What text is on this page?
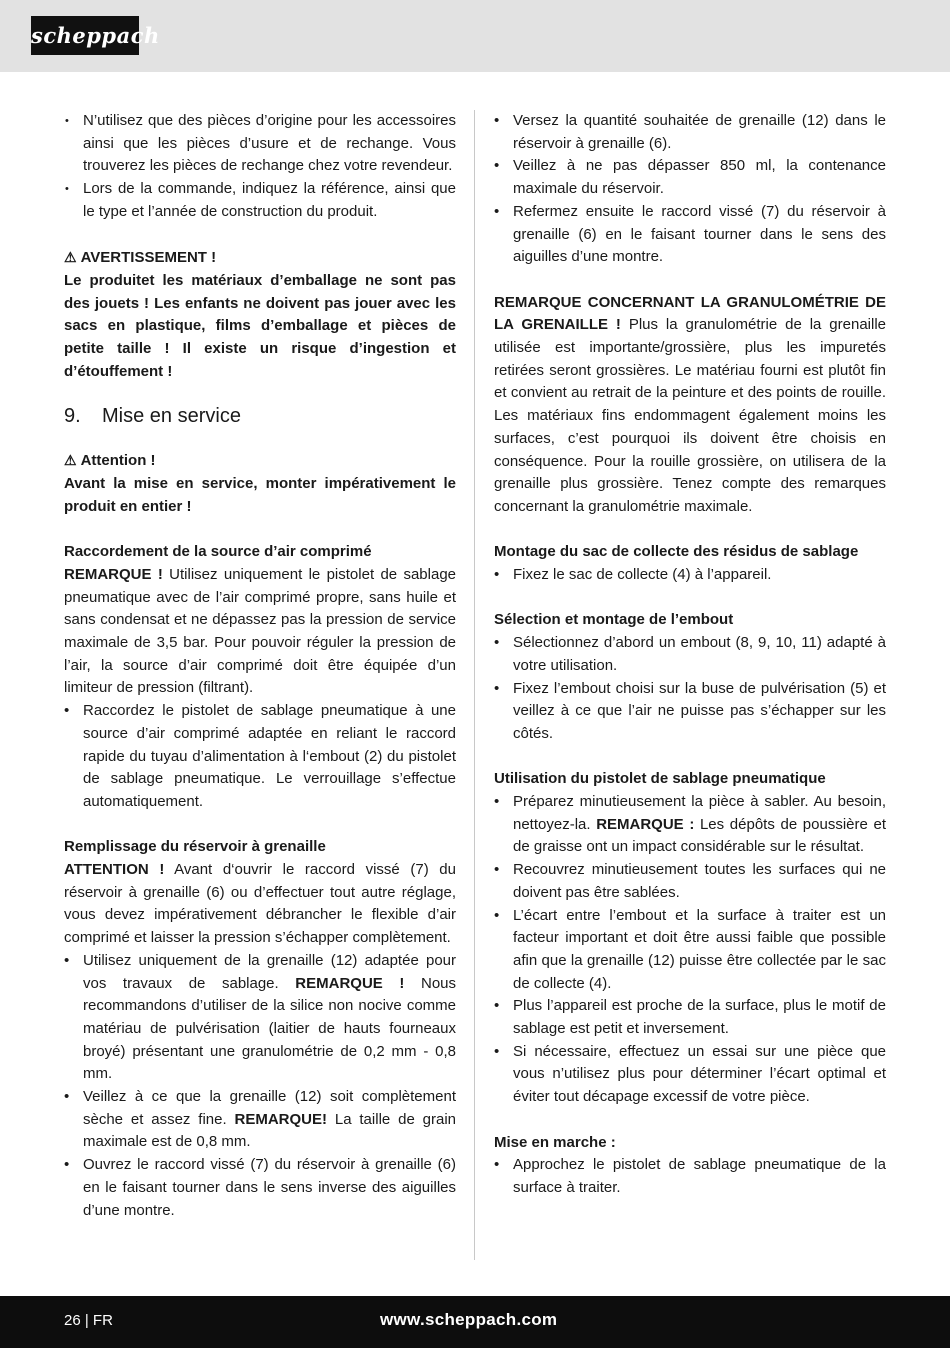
scheppach
• N’utilisez que des pièces d’origine pour les accessoires ainsi que les pièces d’usure et de rechange. Vous trouverez les pièces de rechange chez votre revendeur.
• Lors de la commande, indiquez la référence, ainsi que le type et l’année de construction du produit.

⚠ AVERTISSEMENT !

Le produitet les matériaux d’emballage ne sont pas des jouets ! Les enfants ne doivent pas jouer avec les sacs en plastique, films d’emballage et pièces de petite taille ! Il existe un risque d’ingestion et d’étouffement !

9. Mise en service

⚠ Attention !

Avant la mise en service, monter impérativement le produit en entier !

Raccordement de la source d’air comprimé

REMARQUE ! Utilisez uniquement le pistolet de sablage pneumatique avec de l’air comprimé propre, sans huile et sans condensat et ne dépassez pas la pression de service maximale de 3,5 bar. Pour pouvoir réguler la pression de l’air, la source d’air comprimé doit être équipée d’un limiteur de pression (filtrant).

• Raccordez le pistolet de sablage pneumatique à une source d’air comprimé adaptée en reliant le raccord rapide du tuyau d’alimentation à l‘embout (2) du pistolet de sablage pneumatique. Le verrouillage s’effectue automatiquement.

Remplissage du réservoir à grenaille

ATTENTION ! Avant d‘ouvrir le raccord vissé (7) du réservoir à grenaille (6) ou d’effectuer tout autre réglage, vous devez impérativement débrancher le flexible d’air comprimé et laisser la pression s’échapper complètement.

• Utilisez uniquement de la grenaille (12) adaptée pour vos travaux de sablage. REMARQUE ! Nous recommandons d’utiliser de la silice non nocive comme matériau de pulvérisation (laitier de hauts fourneaux broyé) présentant une granulométrie de 0,2 mm - 0,8 mm.
• Veillez à ce que la grenaille (12) soit complètement sèche et assez fine. REMARQUE! La taille de grain maximale est de 0,8 mm.
• Ouvrez le raccord vissé (7) du réservoir à grenaille (6) en le faisant tourner dans le sens inverse des aiguilles d’une montre.
• Versez la quantité souhaitée de grenaille (12) dans le réservoir à grenaille (6).
• Veillez à ne pas dépasser 850 ml, la contenance maximale du réservoir.
• Refermez ensuite le raccord vissé (7) du réservoir à grenaille (6) en le faisant tourner dans le sens des aiguilles d’une montre.

REMARQUE CONCERNANT LA GRANULOMÉTRIE DE LA GRENAILLE ! Plus la granulométrie de la grenaille utilisée est importante/grossière, plus les impuretés retirées seront grossières. Le matériau fourni est plutôt fin et convient au retrait de la peinture et des points de rouille. Les matériaux fins endommagent également moins les surfaces, c’est pourquoi ils doivent être choisis en conséquence. Pour la rouille grossière, on utilisera de la grenaille plus grossière. Tenez compte des remarques concernant la granulométrie maximale.

Montage du sac de collecte des résidus de sablage

• Fixez le sac de collecte (4) à l’appareil.

Sélection et montage de l’embout

• Sélectionnez d’abord un embout (8, 9, 10, 11) adapté à votre utilisation.
• Fixez l’embout choisi sur la buse de pulvérisation (5) et veillez à ce que l’air ne puisse pas s’échapper sur les côtés.

Utilisation du pistolet de sablage pneumatique

• Préparez minutieusement la pièce à sabler. Au besoin, nettoyez-la. REMARQUE : Les dépôts de poussière et de graisse ont un impact considérable sur le résultat.
• Recouvrez minutieusement toutes les surfaces qui ne doivent pas être sablées.
• L’écart entre l’embout et la surface à traiter est un facteur important et doit être aussi faible que possible afin que la grenaille (12) puisse être collectée par le sac de collecte (4).
• Plus l’appareil est proche de la surface, plus le motif de sablage est petit et inversement.
• Si nécessaire, effectuez un essai sur une pièce que vous n’utilisez plus pour déterminer l’écart optimal et éviter tout décapage excessif de votre pièce.

Mise en marche :

• Approchez le pistolet de sablage pneumatique de la surface à traiter.
26 | FR	www.scheppach.com
